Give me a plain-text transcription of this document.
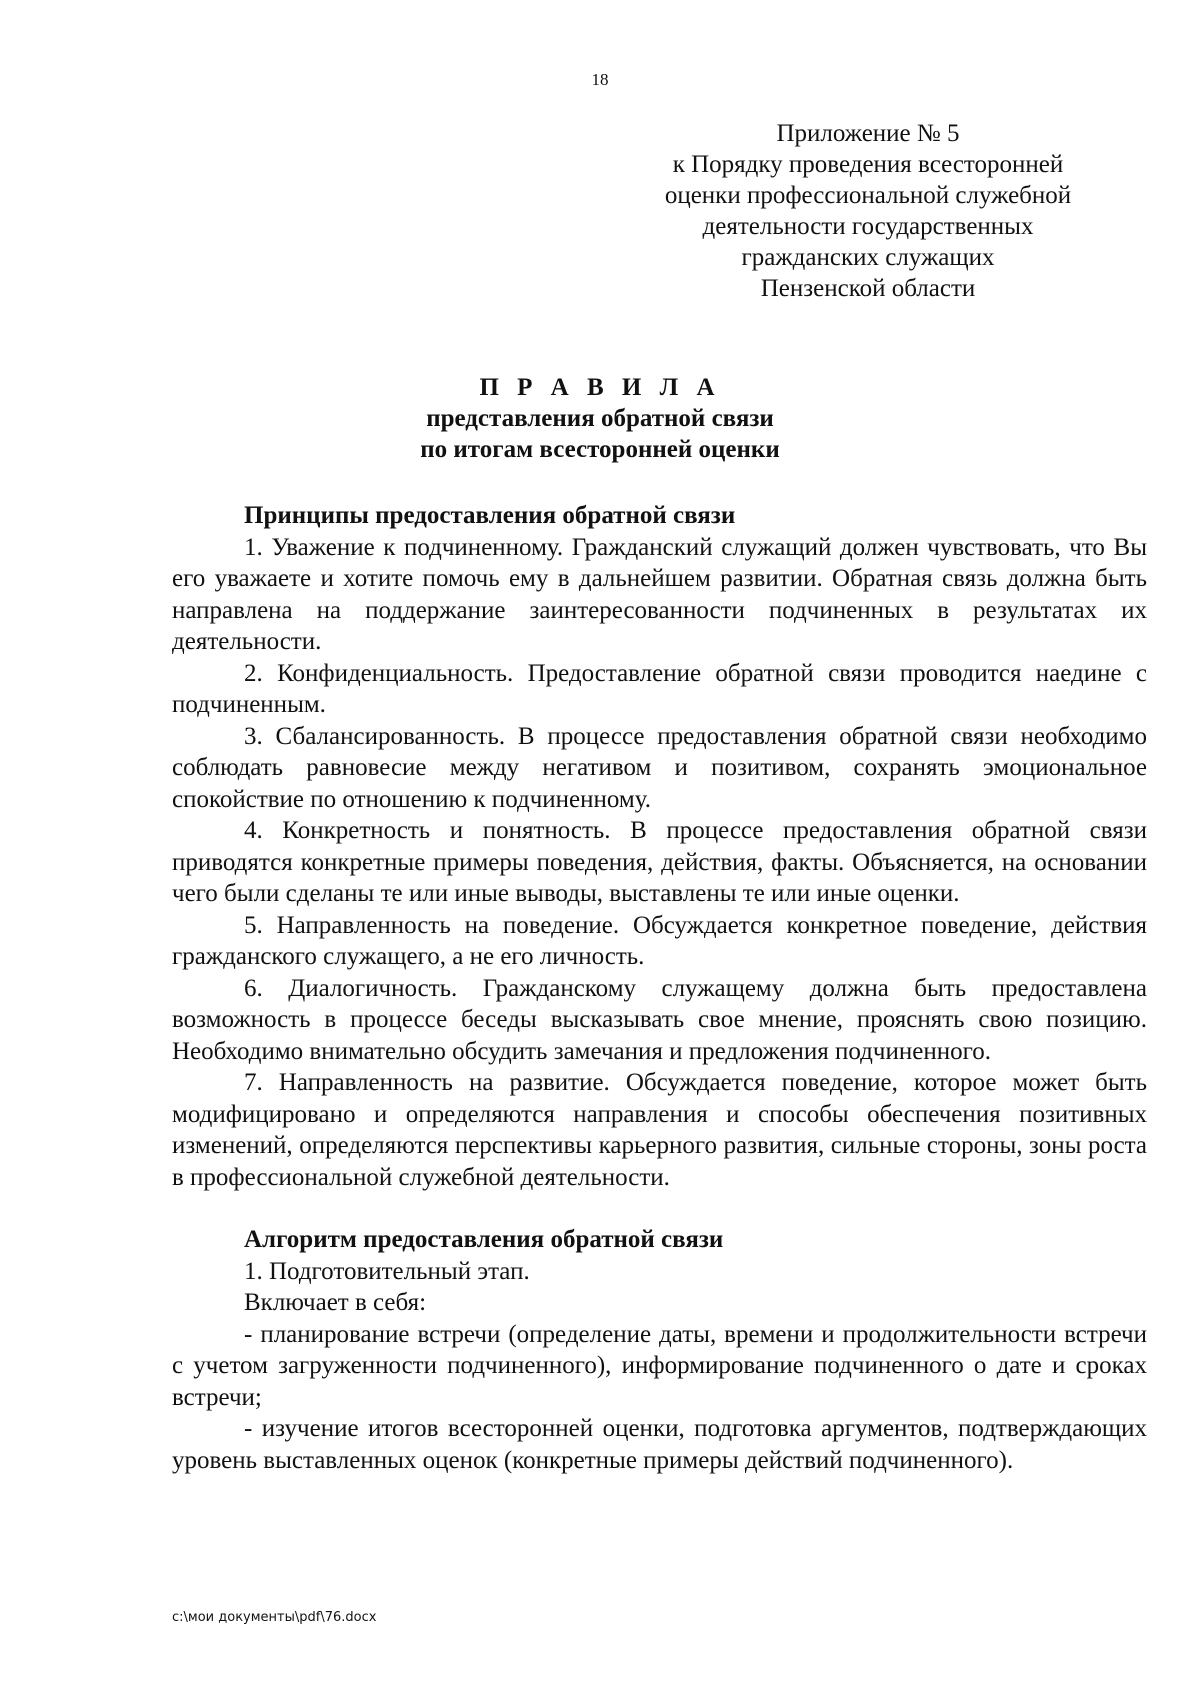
18
Приложение № 5
к Порядку проведения всесторонней
оценки профессиональной служебной
деятельности государственных
гражданских служащих
Пензенской области
П Р А В И Л А
представления обратной связи
по итогам всесторонней оценки
Принципы предоставления обратной связи

1. Уважение к подчиненному. Гражданский служащий должен чувствовать, что Вы его уважаете и хотите помочь ему в дальнейшем развитии. Обратная связь должна быть направлена на поддержание заинтересованности подчиненных в результатах их деятельности.

2. Конфиденциальность. Предоставление обратной связи проводится наедине с подчиненным.

3. Сбалансированность. В процессе предоставления обратной связи необходимо соблюдать равновесие между негативом и позитивом, сохранять эмоциональное спокойствие по отношению к подчиненному.

4. Конкретность и понятность. В процессе предоставления обратной связи приводятся конкретные примеры поведения, действия, факты. Объясняется, на основании чего были сделаны те или иные выводы, выставлены те или иные оценки.

5. Направленность на поведение. Обсуждается конкретное поведение, действия гражданского служащего, а не его личность.

6. Диалогичность. Гражданскому служащему должна быть предоставлена возможность в процессе беседы высказывать свое мнение, прояснять свою позицию. Необходимо внимательно обсудить замечания и предложения подчиненного.

7. Направленность на развитие. Обсуждается поведение, которое может быть модифицировано и определяются направления и способы обеспечения позитивных изменений, определяются перспективы карьерного развития, сильные стороны, зоны роста в профессиональной служебной деятельности.

Алгоритм предоставления обратной связи

1. Подготовительный этап.

Включает в себя:

- планирование встречи (определение даты, времени и продолжительности встречи с учетом загруженности подчиненного), информирование подчиненного о дате и сроках встречи;

- изучение итогов всесторонней оценки, подготовка аргументов, подтверждающих уровень выставленных оценок (конкретные примеры действий подчиненного).

c:\мои документы\pdf\76.docx
